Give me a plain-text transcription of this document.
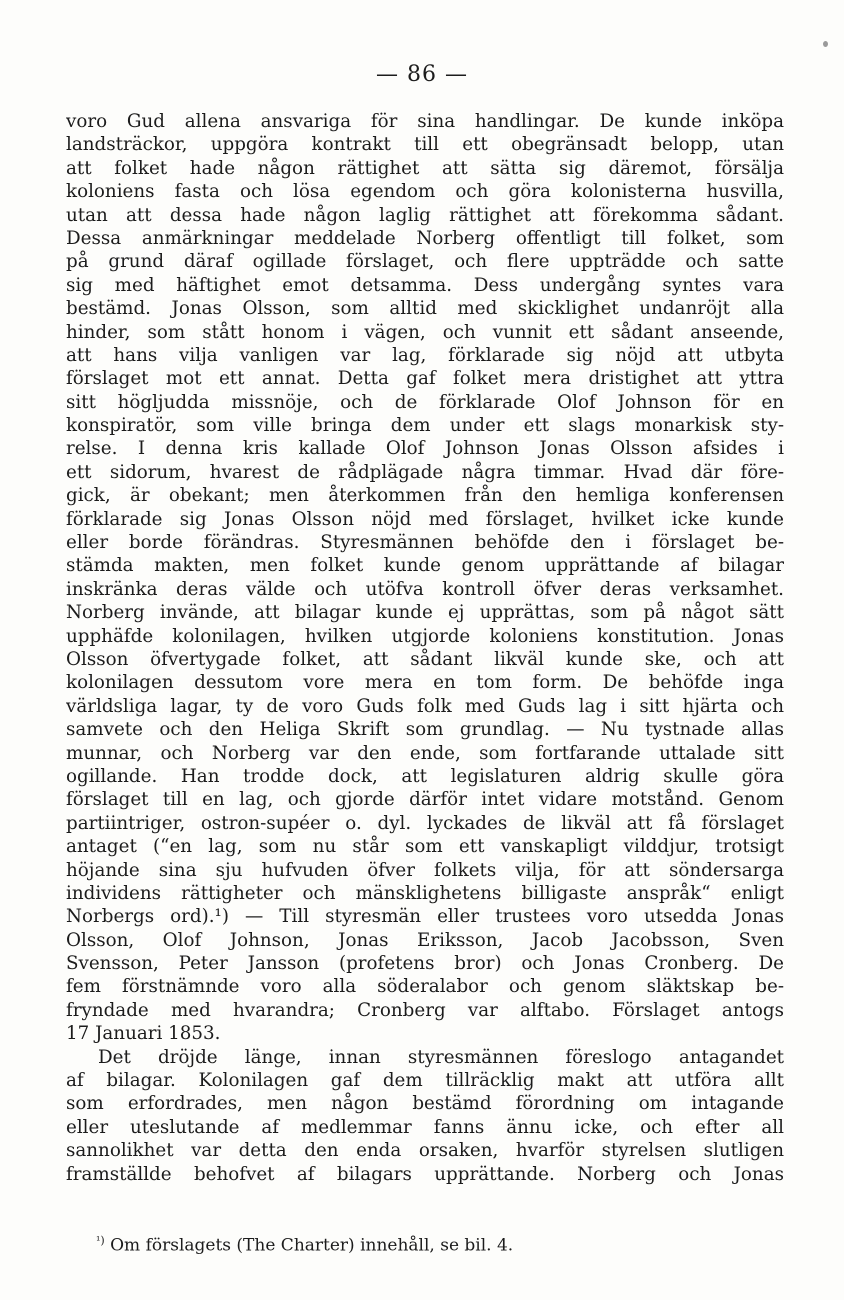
— 86 —
voro Gud allena ansvariga för sina handlingar. De kunde inköpa
landsträckor, uppgöra kontrakt till ett obegränsadt belopp, utan
att folket hade någon rättighet att sätta sig däremot, försälja
koloniens fasta och lösa egendom och göra kolonisterna husvilla,
utan att dessa hade någon laglig rättighet att förekomma sådant.
Dessa anmärkningar meddelade Norberg offentligt till folket, som
på grund däraf ogillade förslaget, och flere uppträdde och satte
sig med häftighet emot detsamma. Dess undergång syntes vara
bestämd. Jonas Olsson, som alltid med skicklighet undanröjt alla
hinder, som stått honom i vägen, och vunnit ett sådant anseende,
att hans vilja vanligen var lag, förklarade sig nöjd att utbyta
förslaget mot ett annat. Detta gaf folket mera dristighet att yttra
sitt högljudda missnöje, och de förklarade Olof Johnson för en
konspiratör, som ville bringa dem under ett slags monarkisk sty-
relse. I denna kris kallade Olof Johnson Jonas Olsson afsides i
ett sidorum, hvarest de rådplägade några timmar. Hvad där före-
gick, är obekant; men återkommen från den hemliga konferensen
förklarade sig Jonas Olsson nöjd med förslaget, hvilket icke kunde
eller borde förändras. Styresmännen behöfde den i förslaget be-
stämda makten, men folket kunde genom upprättande af bilagar
inskränka deras välde och utöfva kontroll öfver deras verksamhet.
Norberg invände, att bilagar kunde ej upprättas, som på något sätt
upphäfde kolonilagen, hvilken utgjorde koloniens konstitution. Jonas
Olsson öfvertygade folket, att sådant likväl kunde ske, och att
kolonilagen dessutom vore mera en tom form. De behöfde inga
världsliga lagar, ty de voro Guds folk med Guds lag i sitt hjärta och
samvete och den Heliga Skrift som grundlag. — Nu tystnade allas
munnar, och Norberg var den ende, som fortfarande uttalade sitt
ogillande. Han trodde dock, att legislaturen aldrig skulle göra
förslaget till en lag, och gjorde därför intet vidare motstånd. Genom
partiintriger, ostron-supéer o. dyl. lyckades de likväl att få förslaget
antaget (“en lag, som nu står som ett vanskapligt vilddjur, trotsigt
höjande sina sju hufvuden öfver folkets vilja, för att söndersarga
individens rättigheter och mänsklighetens billigaste anspråk“ enligt
Norbergs ord).¹) — Till styresmän eller trustees voro utsedda Jonas
Olsson, Olof Johnson, Jonas Eriksson, Jacob Jacobsson, Sven
Svensson, Peter Jansson (profetens bror) och Jonas Cronberg. De
fem förstnämnde voro alla söderalabor och genom släktskap be-
fryndade med hvarandra; Cronberg var alftabo. Förslaget antogs
17 Januari 1853.
Det dröjde länge, innan styresmännen föreslogo antagandet
af bilagar. Kolonilagen gaf dem tillräcklig makt att utföra allt
som erfordrades, men någon bestämd förordning om intagande
eller uteslutande af medlemmar fanns ännu icke, och efter all
sannolikhet var detta den enda orsaken, hvarför styrelsen slutligen
framställde behofvet af bilagars upprättande. Norberg och Jonas
$^{^1)}$ Om förslagets (The Charter) innehåll, se bil. 4.
